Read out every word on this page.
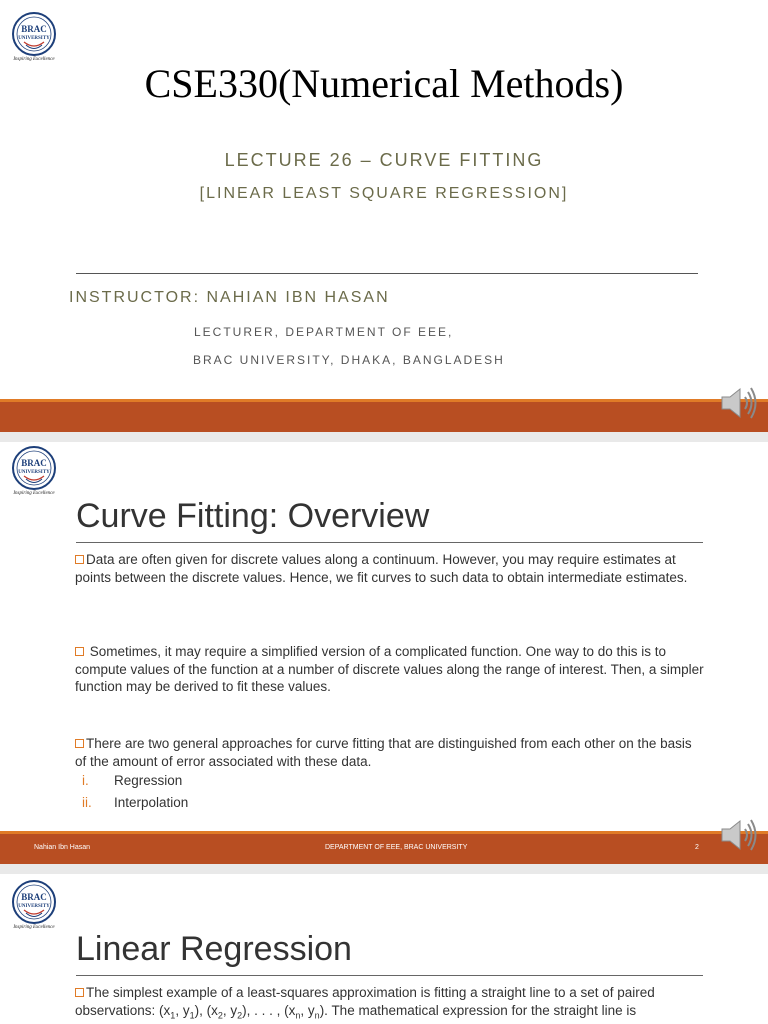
BRAC
UNIVERSITY
Inspiring Excellence
CSE330(Numerical Methods)
LECTURE 26 – CURVE FITTING
[LINEAR LEAST SQUARE REGRESSION]
INSTRUCTOR: NAHIAN IBN HASAN
LECTURER, DEPARTMENT OF EEE,
BRAC UNIVERSITY, DHAKA, BANGLADESH
BRAC
UNIVERSITY
Inspiring Excellence
Curve Fitting: Overview
Data are often given for discrete values along a continuum. However, you may require estimates at points between the discrete values. Hence, we fit curves to such data to obtain intermediate estimates.
Sometimes, it may require a simplified version of a complicated function. One way to do this is to compute values of the function at a number of discrete values along the range of interest. Then, a simpler function may be derived to fit these values.
There are two general approaches for curve fitting that are distinguished from each other on the basis of the amount of error associated with these data.
i. Regression
ii. Interpolation
Nahian Ibn Hasan	DEPARTMENT OF EEE, BRAC UNIVERSITY	2
BRAC
UNIVERSITY
Inspiring Excellence
Linear Regression
The simplest example of a least-squares approximation is fitting a straight line to a set of paired observations: ($x_1$, $y_1$), ($x_2$, $y_2$), . . . , ($x_n$, $y_n$). The mathematical expression for the straight line is
